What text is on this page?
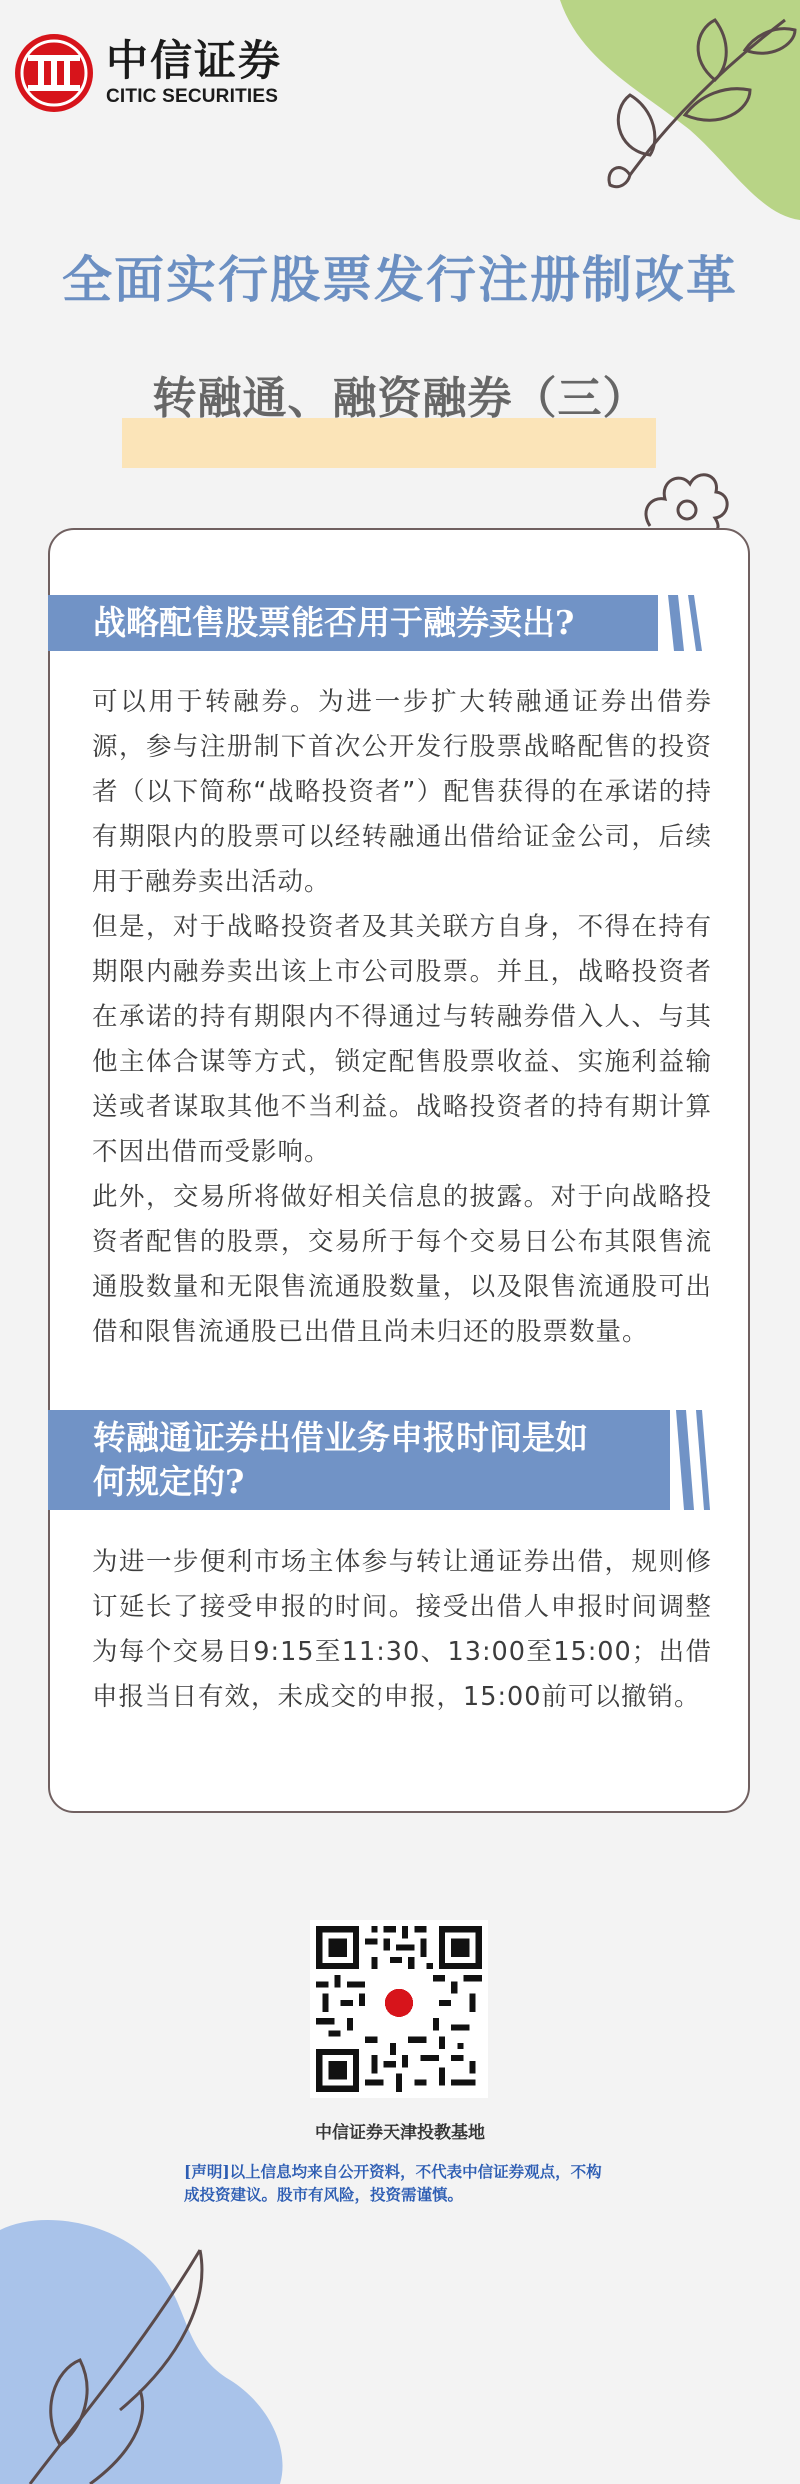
中信证券
CITIC SECURITIES
全面实行股票发行注册制改革
转融通、融资融券（三）
战略配售股票能否用于融券卖出?

可以用于转融券。为进一步扩大转融通证券出借券源，参与注册制下首次公开发行股票战略配售的投资者（以下简称“战略投资者”）配售获得的在承诺的持有期限内的股票可以经转融通出借给证金公司，后续用于融券卖出活动。

但是，对于战略投资者及其关联方自身，不得在持有期限内融券卖出该上市公司股票。并且，战略投资者在承诺的持有期限内不得通过与转融券借入人、与其他主体合谋等方式，锁定配售股票收益、实施利益输送或者谋取其他不当利益。战略投资者的持有期计算不因出借而受影响。

此外，交易所将做好相关信息的披露。对于向战略投资者配售的股票，交易所于每个交易日公布其限售流通股数量和无限售流通股数量，以及限售流通股可出借和限售流通股已出借且尚未归还的股票数量。

转融通证券出借业务申报时间是如
何规定的?

为进一步便利市场主体参与转让通证券出借，规则修订延长了接受申报的时间。接受出借人申报时间调整为每个交易日9:15至11:30、13:00至15:00；出借申报当日有效，未成交的申报，15:00前可以撤销。

中信证券天津投教基地
[声明]以上信息均来自公开资料，不代表中信证券观点，不构成投资建议。股市有风险，投资需谨慎。
